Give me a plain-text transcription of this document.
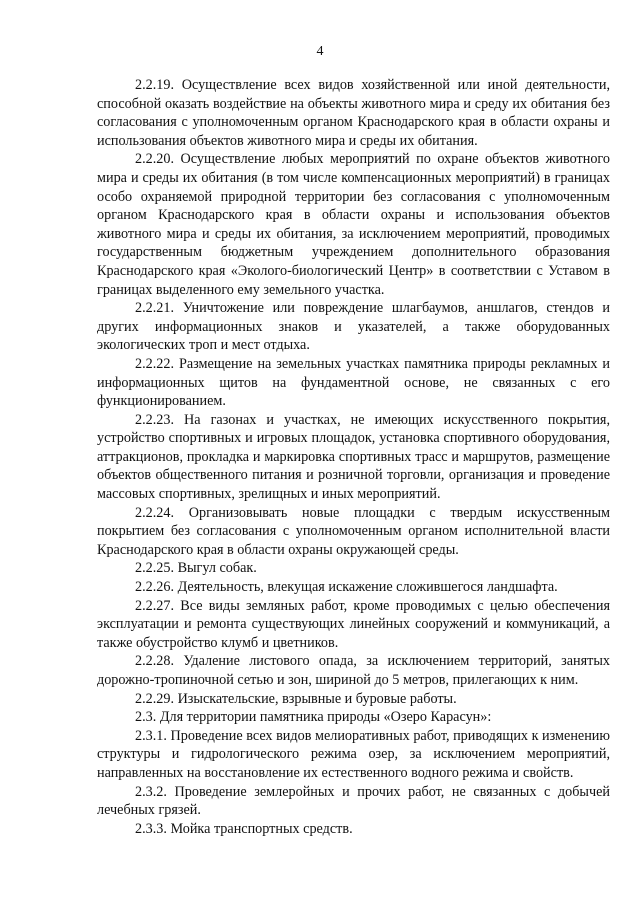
4

2.2.19. Осуществление всех видов хозяйственной или иной деятельности, способной оказать воздействие на объекты животного мира и среду их обитания без согласования с уполномоченным органом Краснодарского края в области охраны и использования объектов животного мира и среды их обитания.

2.2.20. Осуществление любых мероприятий по охране объектов животного мира и среды их обитания (в том числе компенсационных мероприятий) в границах особо охраняемой природной территории без согласования с уполномоченным органом Краснодарского края в области охраны и использования объектов животного мира и среды их обитания, за исключением мероприятий, проводимых государственным бюджетным учреждением дополнительного образования Краснодарского края «Эколого-биологический Центр» в соответствии с Уставом в границах выделенного ему земельного участка.

2.2.21. Уничтожение или повреждение шлагбаумов, аншлагов, стендов и других информационных знаков и указателей, а также оборудованных экологических троп и мест отдыха.

2.2.22. Размещение на земельных участках памятника природы рекламных и информационных щитов на фундаментной основе, не связанных с его функционированием.

2.2.23. На газонах и участках, не имеющих искусственного покрытия, устройство спортивных и игровых площадок, установка спортивного оборудования, аттракционов, прокладка и маркировка спортивных трасс и маршрутов, размещение объектов общественного питания и розничной торговли, организация и проведение массовых спортивных, зрелищных и иных мероприятий.

2.2.24. Организовывать новые площадки с твердым искусственным покрытием без согласования с уполномоченным органом исполнительной власти Краснодарского края в области охраны окружающей среды.

2.2.25. Выгул собак.

2.2.26. Деятельность, влекущая искажение сложившегося ландшафта.

2.2.27. Все виды земляных работ, кроме проводимых с целью обеспечения эксплуатации и ремонта существующих линейных сооружений и коммуникаций, а также обустройство клумб и цветников.

2.2.28. Удаление листового опада, за исключением территорий, занятых дорожно-тропиночной сетью и зон, шириной до 5 метров, прилегающих к ним.

2.2.29. Изыскательские, взрывные и буровые работы.

2.3. Для территории памятника природы «Озеро Карасун»:

2.3.1. Проведение всех видов мелиоративных работ, приводящих к изменению структуры и гидрологического режима озер, за исключением мероприятий, направленных на восстановление их естественного водного режима и свойств.

2.3.2. Проведение землеройных и прочих работ, не связанных с добычей лечебных грязей.

2.3.3. Мойка транспортных средств.
